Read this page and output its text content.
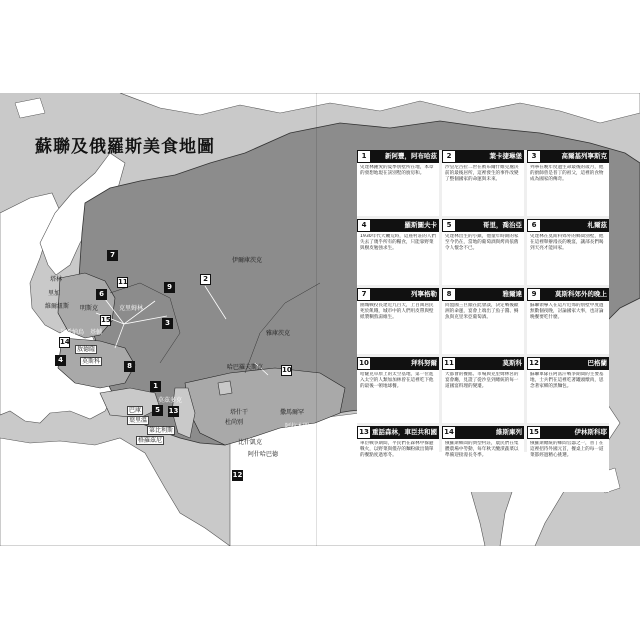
1
2
3
4
5
6
7
8
9
10
11
12
13
14
15
塔林
里加
維爾紐斯 明斯克
基輔
基希納烏
敖德薩
莫斯科
克里姆林
伊爾庫茨克
雅庫茨克
哈巴羅夫斯克
莫茲多克
巴庫
葉里溫
第比利斯
格羅茲尼
塔什干
杜尚別
撒馬爾罕
阿拉木圖
比什凱克
阿什哈巴德
蘇聯及俄羅斯美食地圖	1	新阿豐，阿布哈茲
史達林鍾愛的夏季別墅所在地，本章的發想地現在該別墅的廚房和。
2	葉卡捷琳堡
沙皇尼古拉二世在被布爾什維克處決前的最後居所，這裡發生的事件改變了整個國家的命運與未來。
3	高爾基列寧斯克
列寧在晚年度過生命最後的歲月，他的廚師曾是普丁的祖父，這裡的食物成為國家的傳奇。
4	羅斯圖夫卡
1930年代大饑荒時，這座村莊的人們失去了幾乎所有的糧食，只能靠野菜與樹皮勉強求生。
5	哥里，喬治亞
史達林出生的小鎮，他童年時期的家至今仍在，當地的葡萄酒與烤肉依舊令人懷念不已。
6	札爾茲
史達林在莫斯科郊外的鄉間別墅，他在這裡舉辦漫長的晚宴，讓部長們喝到天亮才能回家。
7	列寧格勒
圍城戰役長達近九百天，上百萬居民死於飢餓，城市中的人們用皮帶與壁紙漿糊熬湯維生。
8	雅爾達
同盟國三巨頭在此會談，決定戰後歐洲的命運，宴會上端出了魚子醬、鱘魚與克里米亞葡萄酒。
9	莫斯科郊外的晚上
蘇聯領導人在這片近郊的別墅中度過無數個夜晚，討論國家大事，也討論晚餐要吃什麼。
10	拜科努爾
哈薩克草原上的太空基地，第一位進入太空的人類加加林曾在這裡吃下他的最後一頓地球餐。
11	莫斯科
大都會的餐館、市場與克里姆林宮的宴會廳，見證了從沙皇到總統的每一道國宴料理的變遷。
12	巴格蘭
蘇聯軍隊在阿富汗戰爭期間的主要基地，士兵們在這裡吃著罐頭燉肉，思念著家鄉的黑麵包。
13 重話森林，車臣共和國
車臣戰爭期間，平民們在森林中躲避戰火，以野菜與僅存的麵粉做出簡單的餐點度過寒冬。
14	維斯庫列
俄羅斯鄉間的典型村莊，農民們在集體農場中勞動，每年秋天醃漬蔬菜以準備迎接漫長冬季。
15	伊林斯科耶
俄羅斯總統的鄉間官邸之一，普丁在這裡招待外國元首，餐桌上的每一道菜都經過精心挑選。
